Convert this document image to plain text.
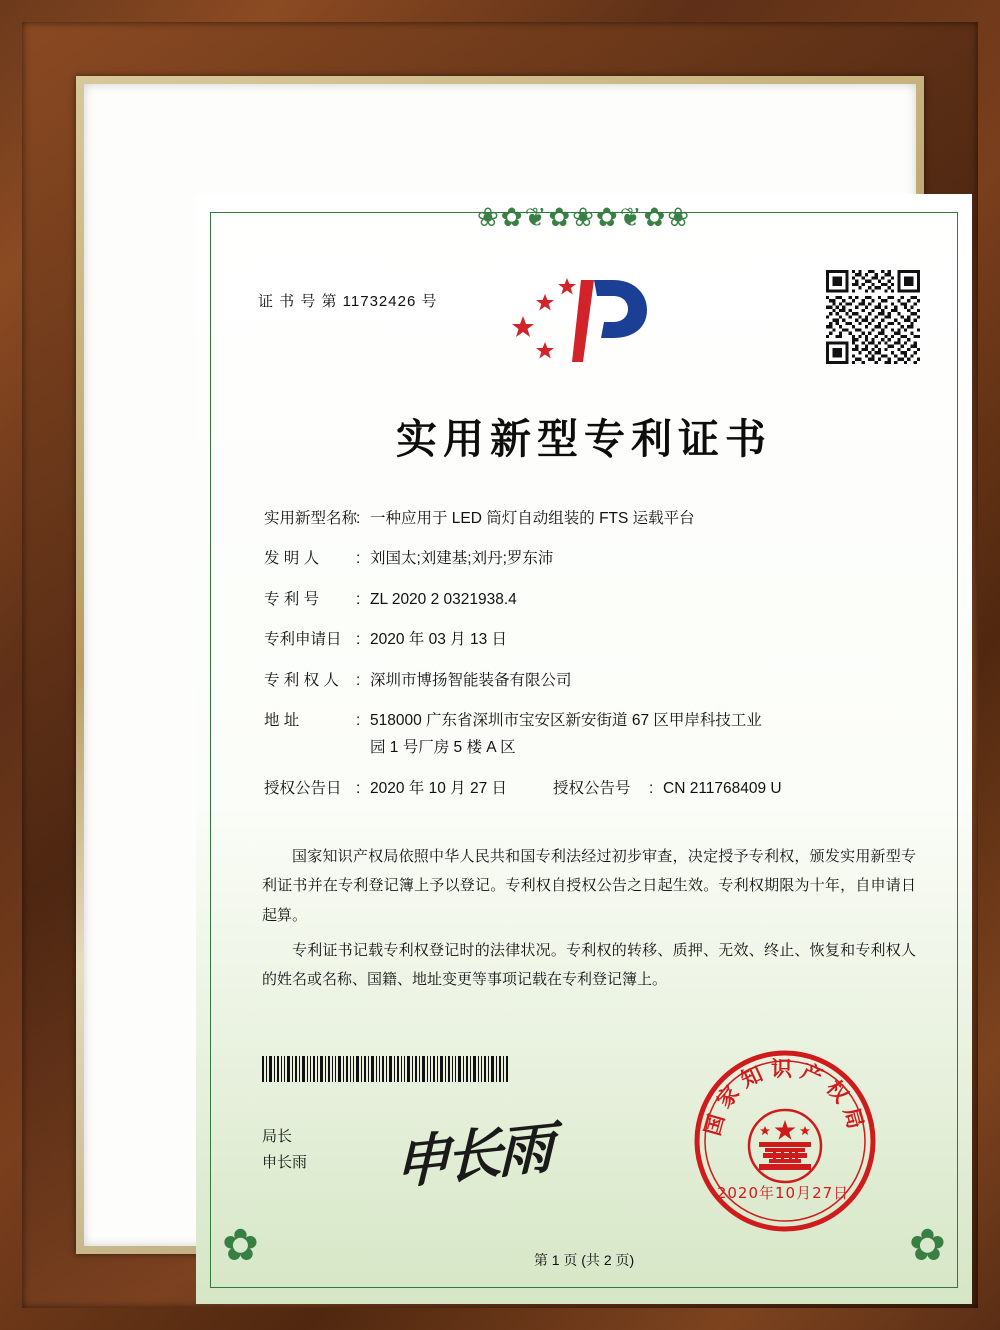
❀✿❦✿❀✿❦✿❀
✿	✿
证 书 号 第 11732426 号
实用新型专利证书
实用新型名称
: 一种应用于 LED 筒灯自动组装的 FTS 运载平台
发 明 人	: 刘国太;刘建基;刘丹;罗东沛
专 利 号	: ZL 2020 2 0321938.4
专利申请日 : 2020 年 03 月 13 日
专 利 权 人	: 深圳市博扬智能装备有限公司
地 址	: 518000 广东省深圳市宝安区新安街道 67 区甲岸科技工业
园 1 号厂房 5 楼 A 区
授权公告日 : 2020 年 10 月 27 日	授权公告号	: CN 211768409 U

国家知识产权局依照中华人民共和国专利法经过初步审查，决定授予专利权，颁发实用新型专利证书并在专利登记簿上予以登记。专利权自授权公告之日起生效。专利权期限为十年，自申请日起算。

专利证书记载专利权登记时的法律状况。专利权的转移、质押、无效、终止、恢复和专利权人的姓名或名称、国籍、地址变更等事项记载在专利登记簿上。

局长
申长雨 申长雨	国家知识产权局
2020年10月27日
第 1 页 (共 2 页)
